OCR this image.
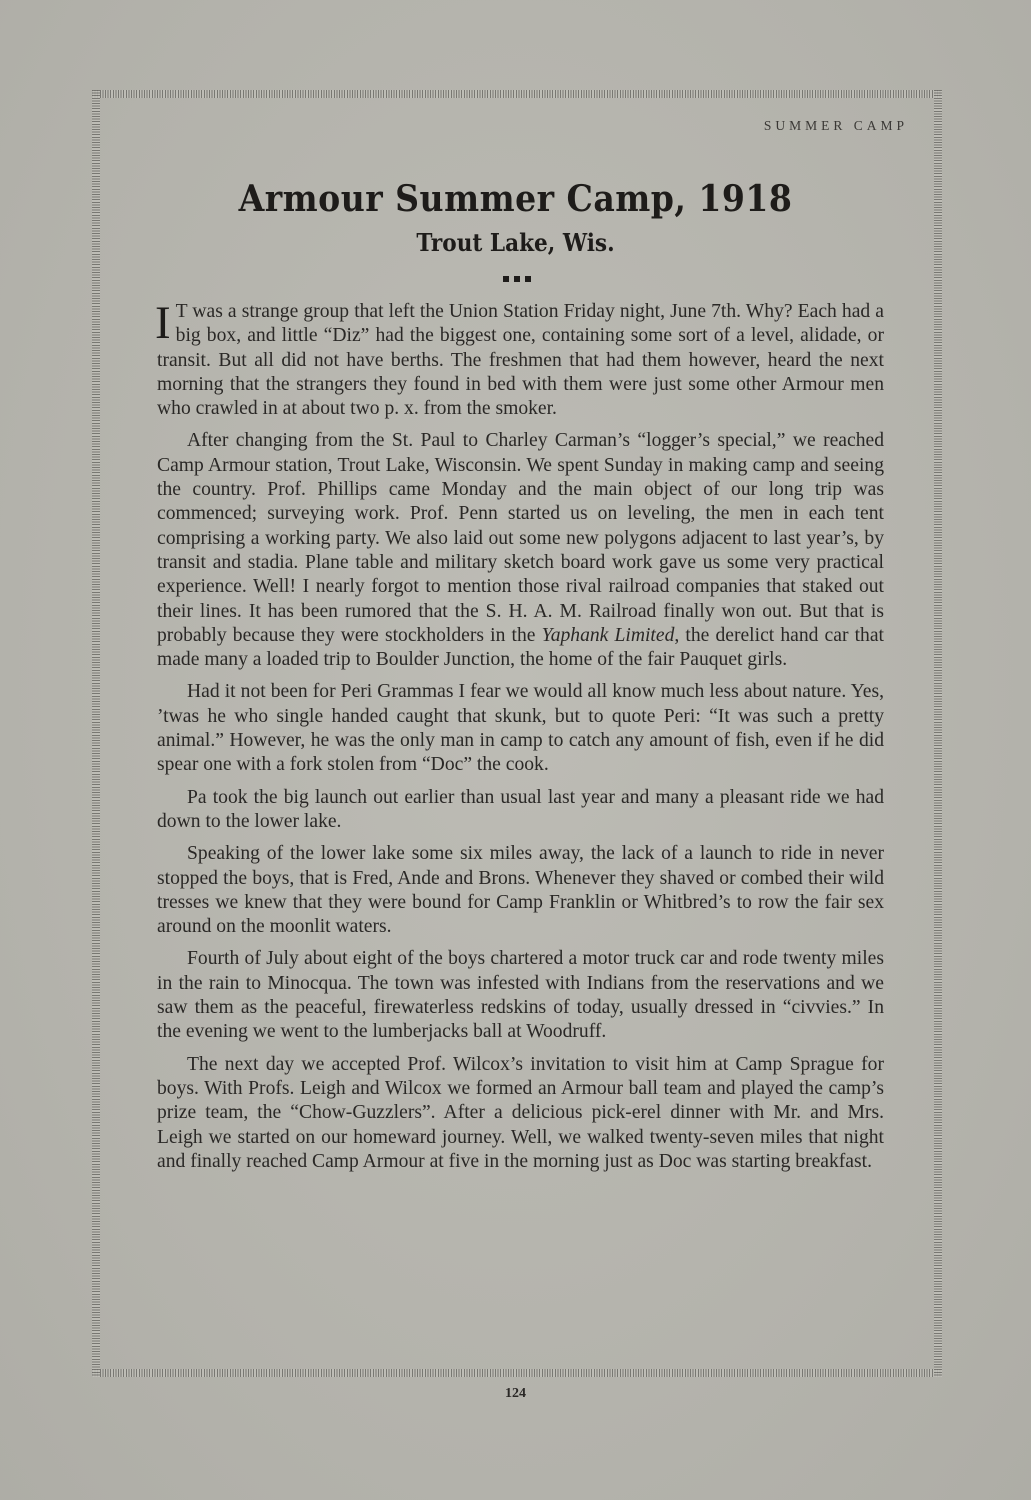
SUMMER CAMP
Armour Summer Camp, 1918
Trout Lake, Wis.

I T was a strange group that left the Union Station Friday night, June 7th. Why? Each had a big box, and little “Diz” had the biggest one, containing some sort of a level, alidade, or transit. But all did not have berths. The freshmen that had them however, heard the next morning that the strangers they found in bed with them were just some other Armour men who crawled in at about two p. x. from the smoker.

After changing from the St. Paul to Charley Carman’s “logger’s special,” we reached Camp Armour station, Trout Lake, Wisconsin. We spent Sunday in making camp and seeing the country. Prof. Phillips came Monday and the main object of our long trip was commenced; surveying work. Prof. Penn started us on leveling, the men in each tent comprising a working party. We also laid out some new polygons adjacent to last year’s, by transit and stadia. Plane table and military sketch board work gave us some very practical experience. Well! I nearly forgot to mention those rival railroad companies that staked out their lines. It has been rumored that the S. H. A. M. Railroad finally won out. But that is probably because they were stockholders in the Yaphank Limited, the derelict hand car that made many a loaded trip to Boulder Junction, the home of the fair Pauquet girls.

Had it not been for Peri Grammas I fear we would all know much less about nature. Yes, ’twas he who single handed caught that skunk, but to quote Peri: “It was such a pretty animal.” However, he was the only man in camp to catch any amount of fish, even if he did spear one with a fork stolen from “Doc” the cook.

Pa took the big launch out earlier than usual last year and many a pleasant ride we had down to the lower lake.

Speaking of the lower lake some six miles away, the lack of a launch to ride in never stopped the boys, that is Fred, Ande and Brons. Whenever they shaved or combed their wild tresses we knew that they were bound for Camp Franklin or Whitbred’s to row the fair sex around on the moonlit waters.

Fourth of July about eight of the boys chartered a motor truck car and rode twenty miles in the rain to Minocqua. The town was infested with Indians from the reservations and we saw them as the peaceful, firewaterless redskins of today, usually dressed in “civvies.” In the evening we went to the lumberjacks ball at Woodruff.

The next day we accepted Prof. Wilcox’s invitation to visit him at Camp Sprague for boys. With Profs. Leigh and Wilcox we formed an Armour ball team and played the camp’s prize team, the “Chow-Guzzlers”. After a delicious pick-erel dinner with Mr. and Mrs. Leigh we started on our homeward journey. Well, we walked twenty-seven miles that night and finally reached Camp Armour at five in the morning just as Doc was starting breakfast.

124
